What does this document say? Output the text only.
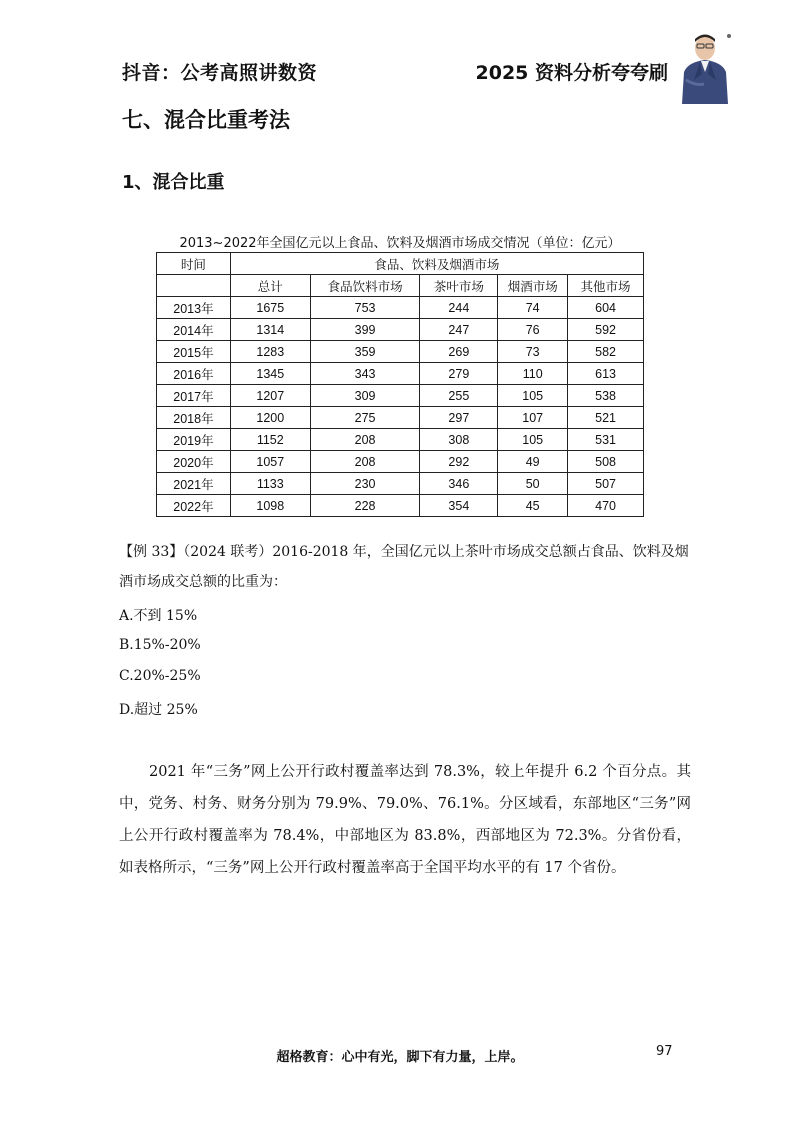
抖音：公考高照讲数资	2025 资料分析夸夸刷
七、混合比重考法
1、混合比重
2013~2022年全国亿元以上食品、饮料及烟酒市场成交情况（单位：亿元）
时间	食品、饮料及烟酒市场				
	总计	食品饮料市场	茶叶市场	烟酒市场	其他市场
2013年	1675	753	244	74	604
2014年	1314	399	247	76	592
2015年	1283	359	269	73	582
2016年	1345	343	279	110	613
2017年	1207	309	255	105	538
2018年	1200	275	297	107	521
2019年	1152	208	308	105	531
2020年	1057	208	292	49	508
2021年	1133	230	346	50	507
2022年	1098	228	354	45	470
【例 33】（2024 联考）2016-2018 年，全国亿元以上茶叶市场成交总额占食品、饮料及烟酒市场成交总额的比重为：
A.不到 15%
B.15%-20%
C.20%-25%
D.超过 25%
2021 年“三务”网上公开行政村覆盖率达到 78.3%，较上年提升 6.2 个百分点。其中，党务、村务、财务分别为 79.9%、79.0%、76.1%。分区域看，东部地区“三务”网上公开行政村覆盖率为 78.4%，中部地区为 83.8%，西部地区为 72.3%。分省份看，如表格所示，“三务”网上公开行政村覆盖率高于全国平均水平的有 17 个省份。
超格教育：心中有光，脚下有力量，上岸。	97
